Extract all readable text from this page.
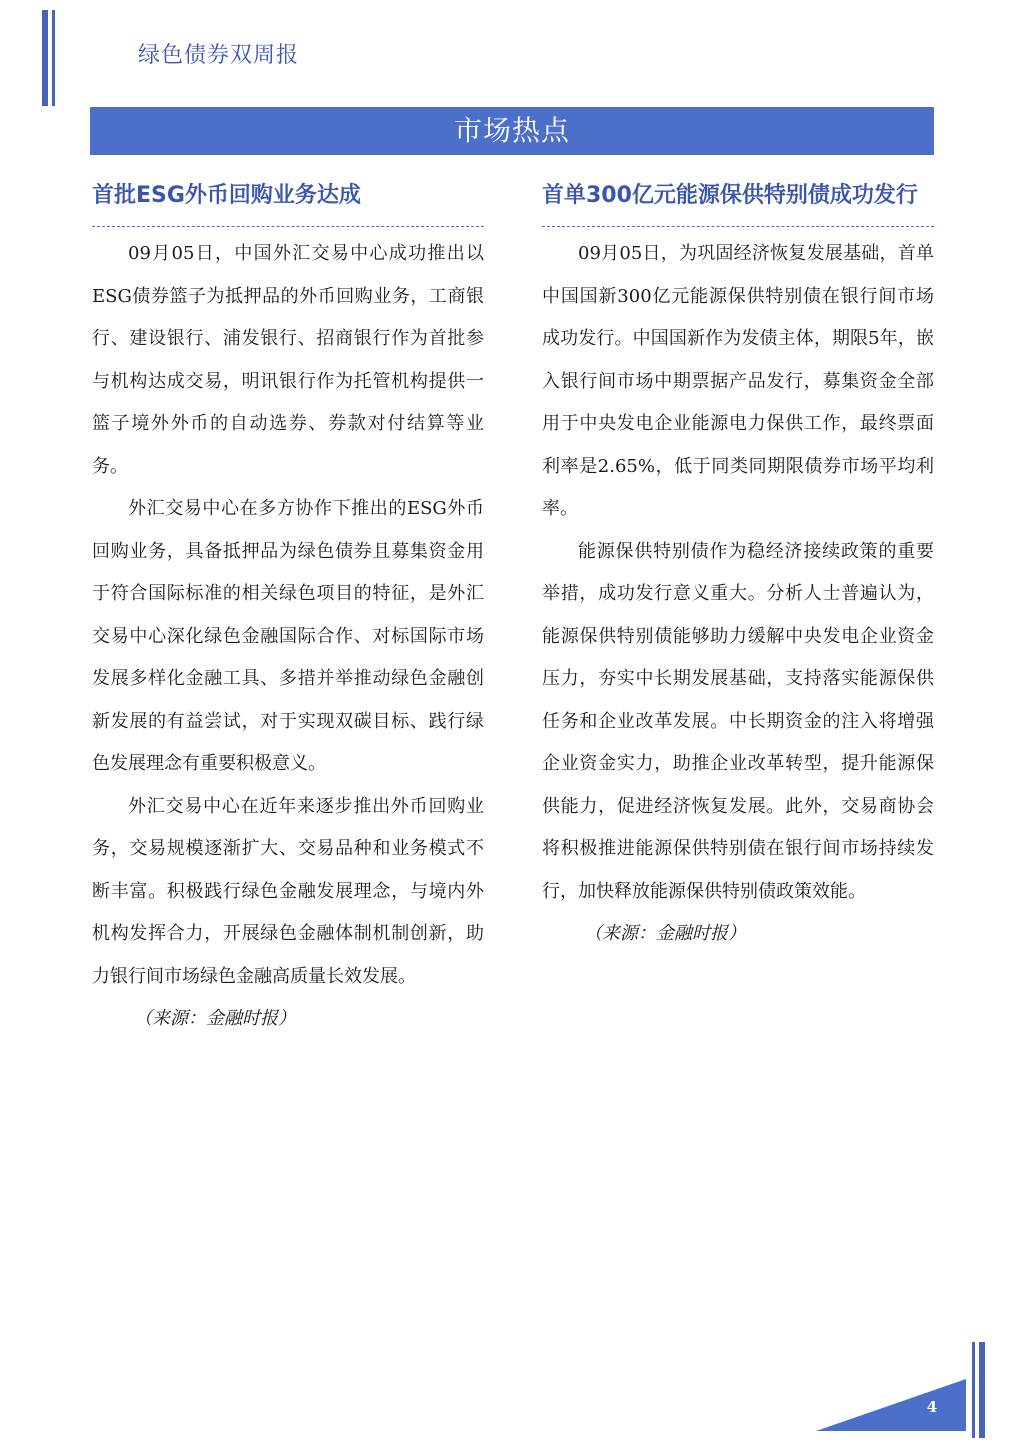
绿色债券双周报
市场热点
首批ESG外币回购业务达成

09月05日，中国外汇交易中心成功推出以ESG债券篮子为抵押品的外币回购业务，工商银行、建设银行、浦发银行、招商银行作为首批参与机构达成交易，明讯银行作为托管机构提供一篮子境外外币的自动选券、券款对付结算等业务。

外汇交易中心在多方协作下推出的ESG外币回购业务，具备抵押品为绿色债券且募集资金用于符合国际标准的相关绿色项目的特征，是外汇交易中心深化绿色金融国际合作、对标国际市场发展多样化金融工具、多措并举推动绿色金融创新发展的有益尝试，对于实现双碳目标、践行绿色发展理念有重要积极意义。

外汇交易中心在近年来逐步推出外币回购业务，交易规模逐渐扩大、交易品种和业务模式不断丰富。积极践行绿色金融发展理念，与境内外机构发挥合力，开展绿色金融体制机制创新，助力银行间市场绿色金融高质量长效发展。

（来源：金融时报）

首单300亿元能源保供特别债成功发行

09月05日，为巩固经济恢复发展基础，首单中国国新300亿元能源保供特别债在银行间市场成功发行。中国国新作为发债主体，期限5年，嵌入银行间市场中期票据产品发行，募集资金全部用于中央发电企业能源电力保供工作，最终票面利率是2.65%，低于同类同期限债券市场平均利率。

能源保供特别债作为稳经济接续政策的重要举措，成功发行意义重大。分析人士普遍认为，能源保供特别债能够助力缓解中央发电企业资金压力，夯实中长期发展基础，支持落实能源保供任务和企业改革发展。中长期资金的注入将增强企业资金实力，助推企业改革转型，提升能源保供能力，促进经济恢复发展。此外，交易商协会将积极推进能源保供特别债在银行间市场持续发行，加快释放能源保供特别债政策效能。

（来源：金融时报）

4
